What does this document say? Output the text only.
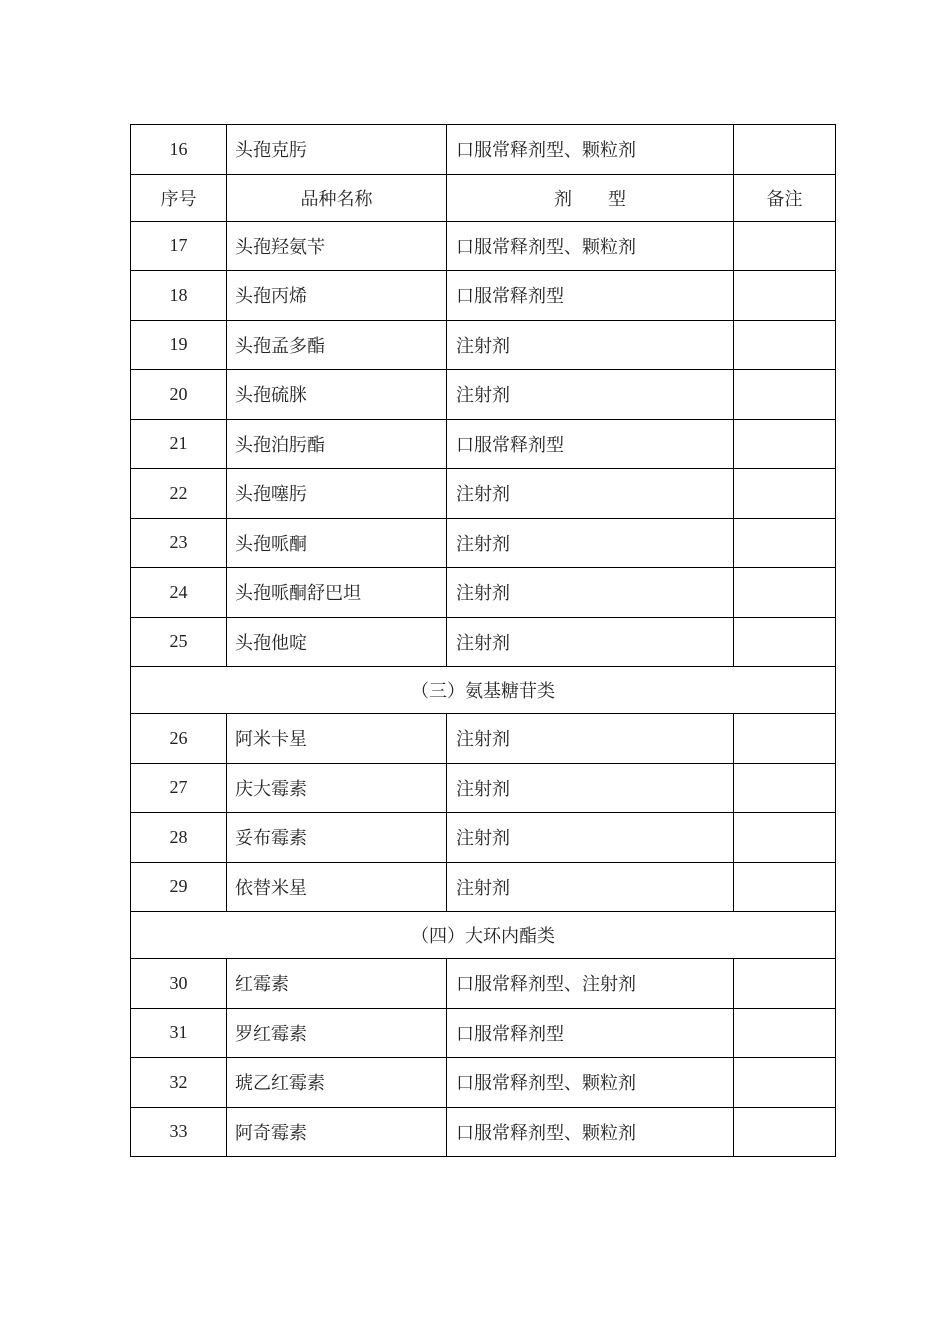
16	头孢克肟	口服常释剂型、颗粒剂	
序号	品种名称	剂　　型	备注
17	头孢羟氨苄	口服常释剂型、颗粒剂	
18	头孢丙烯	口服常释剂型	
19	头孢孟多酯	注射剂	
20	头孢硫脒	注射剂	
21	头孢泊肟酯	口服常释剂型	
22	头孢噻肟	注射剂	
23	头孢哌酮	注射剂	
24	头孢哌酮舒巴坦	注射剂	
25	头孢他啶	注射剂	
（三）氨基糖苷类			
26	阿米卡星	注射剂	
27	庆大霉素	注射剂	
28	妥布霉素	注射剂	
29	依替米星	注射剂	
（四）大环内酯类			
30	红霉素	口服常释剂型、注射剂	
31	罗红霉素	口服常释剂型	
32	琥乙红霉素	口服常释剂型、颗粒剂	
33	阿奇霉素	口服常释剂型、颗粒剂	
